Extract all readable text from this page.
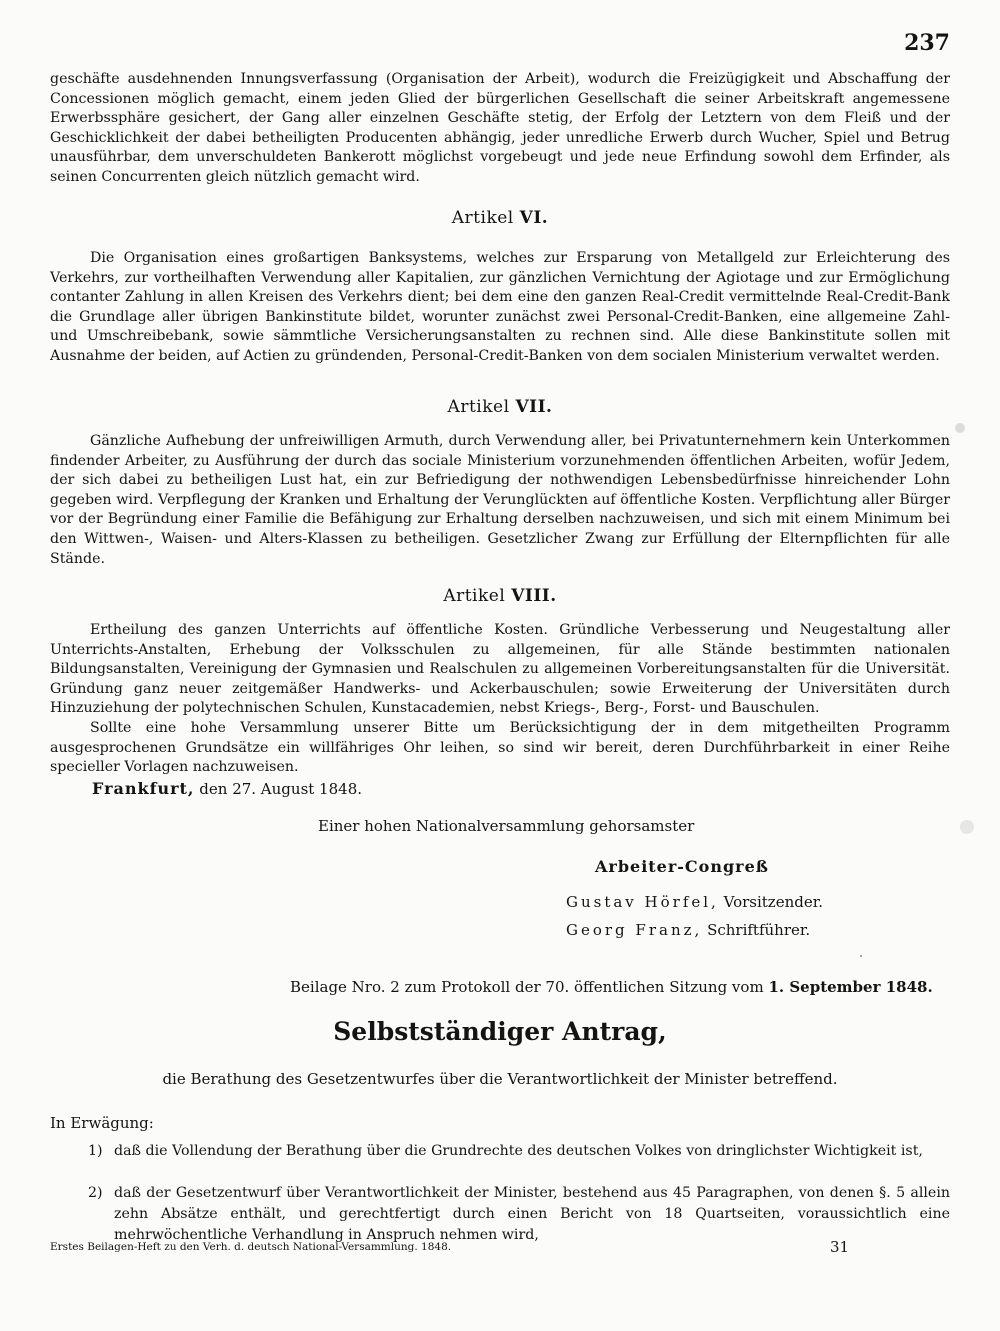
237

geschäfte ausdehnenden Innungsverfassung (Organisation der Arbeit), wodurch die Freizügigkeit und Abschaffung der Concessionen möglich gemacht, einem jeden Glied der bürgerlichen Gesellschaft die seiner Arbeitskraft angemessene Erwerbssphäre gesichert, der Gang aller einzelnen Geschäfte stetig, der Erfolg der Letztern von dem Fleiß und der Geschicklichkeit der dabei betheiligten Producenten abhängig, jeder unredliche Erwerb durch Wucher, Spiel und Betrug unausführbar, dem unverschuldeten Bankerott möglichst vorgebeugt und jede neue Erfindung sowohl dem Erfinder, als seinen Concurrenten gleich nützlich gemacht wird.

Artikel VI.

Die Organisation eines großartigen Banksystems, welches zur Ersparung von Metallgeld zur Erleichterung des Verkehrs, zur vortheilhaften Verwendung aller Kapitalien, zur gänzlichen Vernichtung der Agiotage und zur Ermöglichung contanter Zahlung in allen Kreisen des Verkehrs dient; bei dem eine den ganzen Real-Credit vermittelnde Real-Credit-Bank die Grundlage aller übrigen Bankinstitute bildet, worunter zunächst zwei Personal-Credit-Banken, eine allgemeine Zahl- und Umschreibebank, sowie sämmtliche Versicherungsanstalten zu rechnen sind. Alle diese Bankinstitute sollen mit Ausnahme der beiden, auf Actien zu gründenden, Personal-Credit-Banken von dem socialen Ministerium verwaltet werden.

Artikel VII.

Gänzliche Aufhebung der unfreiwilligen Armuth, durch Verwendung aller, bei Privatunternehmern kein Unterkommen findender Arbeiter, zu Ausführung der durch das sociale Ministerium vorzunehmenden öffentlichen Arbeiten, wofür Jedem, der sich dabei zu betheiligen Lust hat, ein zur Befriedigung der nothwendigen Lebensbedürfnisse hinreichender Lohn gegeben wird. Verpflegung der Kranken und Erhaltung der Verunglückten auf öffentliche Kosten. Verpflichtung aller Bürger vor der Begründung einer Familie die Befähigung zur Erhaltung derselben nachzuweisen, und sich mit einem Minimum bei den Wittwen-, Waisen- und Alters-Klassen zu betheiligen. Gesetzlicher Zwang zur Erfüllung der Elternpflichten für alle Stände.

Artikel VIII.

Ertheilung des ganzen Unterrichts auf öffentliche Kosten. Gründliche Verbesserung und Neugestaltung aller Unterrichts-Anstalten, Erhebung der Volksschulen zu allgemeinen, für alle Stände bestimmten nationalen Bildungsanstalten, Vereinigung der Gymnasien und Realschulen zu allgemeinen Vorbereitungsanstalten für die Universität. Gründung ganz neuer zeitgemäßer Handwerks- und Ackerbauschulen; sowie Erweiterung der Universitäten durch Hinzuziehung der polytechnischen Schulen, Kunstacademien, nebst Kriegs-, Berg-, Forst- und Bauschulen.

Sollte eine hohe Versammlung unserer Bitte um Berücksichtigung der in dem mitgetheilten Programm ausgesprochenen Grundsätze ein willfähriges Ohr leihen, so sind wir bereit, deren Durchführbarkeit in einer Reihe specieller Vorlagen nachzuweisen.

Frankfurt, den 27. August 1848.
Einer hohen Nationalversammlung gehorsamster
Arbeiter-Congreß
Gustav Hörfel, Vorsitzender.
Georg Franz, Schriftführer.
Beilage Nro. 2 zum Protokoll der 70. öffentlichen Sitzung vom 1. September 1848.
Selbstständiger Antrag,
die Berathung des Gesetzentwurfes über die Verantwortlichkeit der Minister betreffend.
In Erwägung:
1) daß die Vollendung der Berathung über die Grundrechte des deutschen Volkes von dringlichster Wichtigkeit ist,
2) daß der Gesetzentwurf über Verantwortlichkeit der Minister, bestehend aus 45 Paragraphen, von denen §. 5 allein zehn Absätze enthält, und gerechtfertigt durch einen Bericht von 18 Quartseiten, voraussichtlich eine mehrwöchentliche Verhandlung in Anspruch nehmen wird,
Erstes Beilagen-Heft zu den Verh. d. deutsch National-Versammlung. 1848.	31
